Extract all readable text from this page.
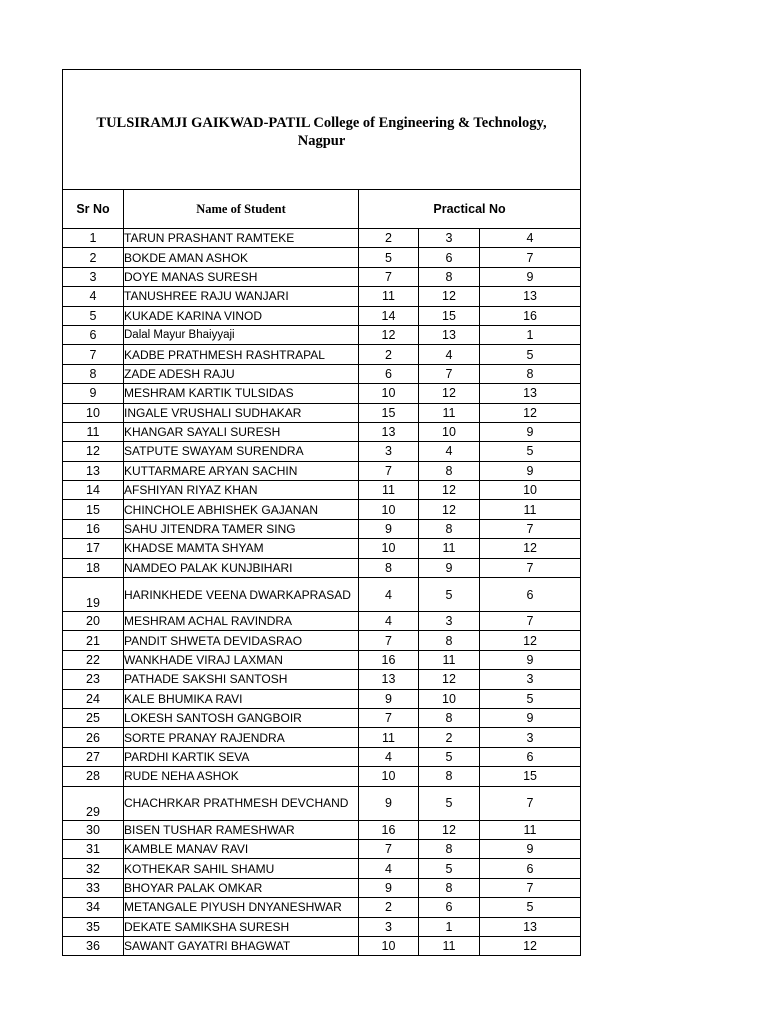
TULSIRAMJI GAIKWAD-PATIL College of Engineering & Technology,
Nagpur				

Sr No	Name of Student	Practical No		
1	TARUN PRASHANT RAMTEKE	2	3	4
2	BOKDE AMAN ASHOK	5	6	7
3	DOYE MANAS SURESH	7	8	9
4	TANUSHREE RAJU WANJARI	11	12	13
5	KUKADE KARINA VINOD	14	15	16
6	Dalal Mayur Bhaiyyaji	12	13	1
7	KADBE PRATHMESH RASHTRAPAL	2	4	5
8	ZADE ADESH RAJU	6	7	8
9	MESHRAM KARTIK TULSIDAS	10	12	13
10	INGALE VRUSHALI SUDHAKAR	15	11	12
11	KHANGAR SAYALI SURESH	13	10	9
12	SATPUTE SWAYAM SURENDRA	3	4	5
13	KUTTARMARE ARYAN SACHIN	7	8	9
14	AFSHIYAN RIYAZ KHAN	11	12	10
15	CHINCHOLE ABHISHEK GAJANAN	10	12	11
16	SAHU JITENDRA TAMER SING	9	8	7
17	KHADSE MAMTA SHYAM	10	11	12
18	NAMDEO PALAK KUNJBIHARI	8	9	7
19	HARINKHEDE VEENA DWARKAPRASAD	4	5	6
20	MESHRAM ACHAL RAVINDRA	4	3	7
21	PANDIT SHWETA DEVIDASRAO	7	8	12
22	WANKHADE VIRAJ LAXMAN	16	11	9
23	PATHADE SAKSHI SANTOSH	13	12	3
24	KALE BHUMIKA RAVI	9	10	5
25	LOKESH SANTOSH GANGBOIR	7	8	9
26	SORTE PRANAY RAJENDRA	11	2	3
27	PARDHI KARTIK SEVA	4	5	6
28	RUDE NEHA ASHOK	10	8	15
29	CHACHRKAR PRATHMESH DEVCHAND	9	5	7
30	BISEN TUSHAR RAMESHWAR	16	12	11
31	KAMBLE MANAV RAVI	7	8	9
32	KOTHEKAR SAHIL SHAMU	4	5	6
33	BHOYAR PALAK OMKAR	9	8	7
34	METANGALE PIYUSH DNYANESHWAR	2	6	5
35	DEKATE SAMIKSHA SURESH	3	1	13
36	SAWANT GAYATRI BHAGWAT	10	11	12
